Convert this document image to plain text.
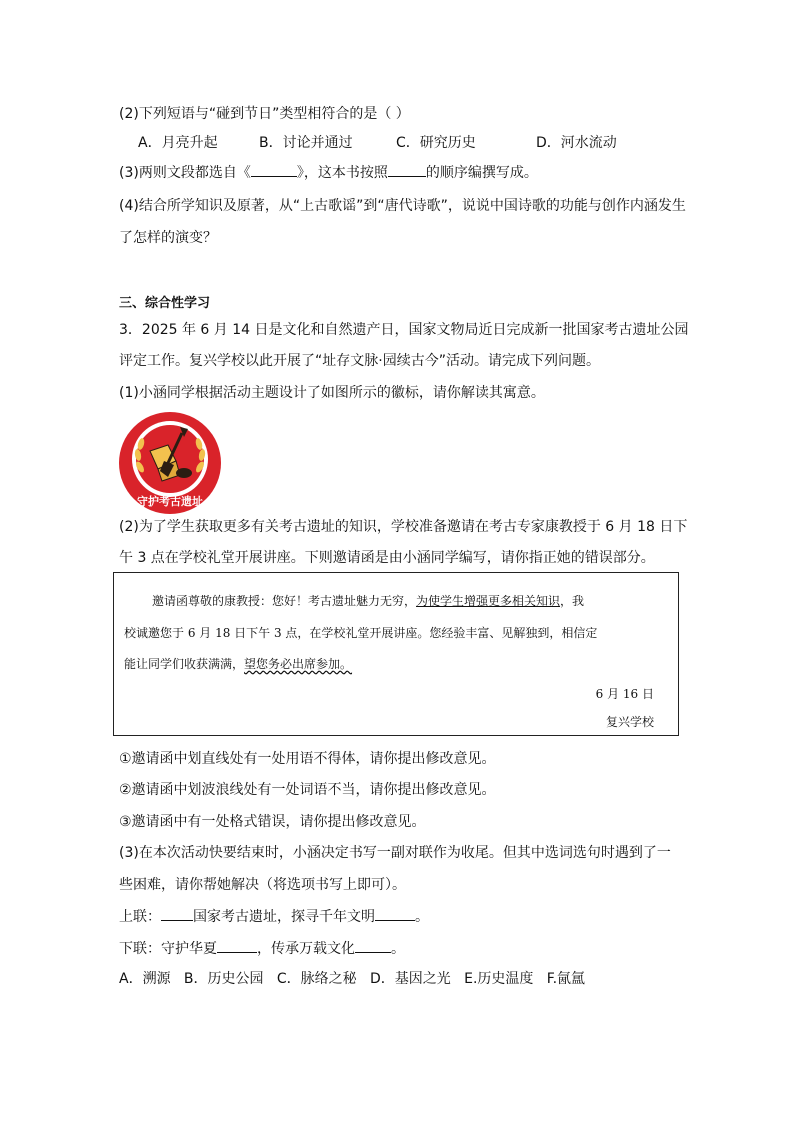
(2)下列短语与“碰到节日”类型相符合的是（ ）
A．月亮升起	B．讨论并通过	C．研究历史	D．河水流动
(3)两则文段都选自《	》，这本书按照	的顺序编撰写成。
(4)结合所学知识及原著，从“上古歌谣”到“唐代诗歌”，说说中国诗歌的功能与创作内涵发生
了怎样的演变？
三、综合性学习
3．2025 年 6 月 14 日是文化和自然遗产日，国家文物局近日完成新一批国家考古遗址公园
评定工作。复兴学校以此开展了“址存文脉·园续古今”活动。请完成下列问题。
(1)小涵同学根据活动主题设计了如图所示的徽标，请你解读其寓意。
守护考古遗址
(2)为了学生获取更多有关考古遗址的知识，学校准备邀请在考古专家康教授于 6 月 18 日下
午 3 点在学校礼堂开展讲座。下则邀请函是由小涵同学编写，请你指正她的错误部分。
邀请函尊敬的康教授：您好！考古遗址魅力无穷，为使学生增强更多相关知识，我
校诚邀您于 6 月 18 日下午 3 点，在学校礼堂开展讲座。您经验丰富、见解独到，相信定
能让同学们收获满满，望您务必出席参加。
6 月 16 日
复兴学校
①邀请函中划直线处有一处用语不得体，请你提出修改意见。
②邀请函中划波浪线处有一处词语不当，请你提出修改意见。
③邀请函中有一处格式错误，请你提出修改意见。
(3)在本次活动快要结束时，小涵决定书写一副对联作为收尾。但其中选词选句时遇到了一
些困难，请你帮她解决（将选项书写上即可）。
上联： 国家考古遗址，探寻千年文明	。
下联：守护华夏	，传承万载文化	。
A．溯源   B．历史公园   C．脉络之秘   D．基因之光   E.历史温度   F.氤氲
